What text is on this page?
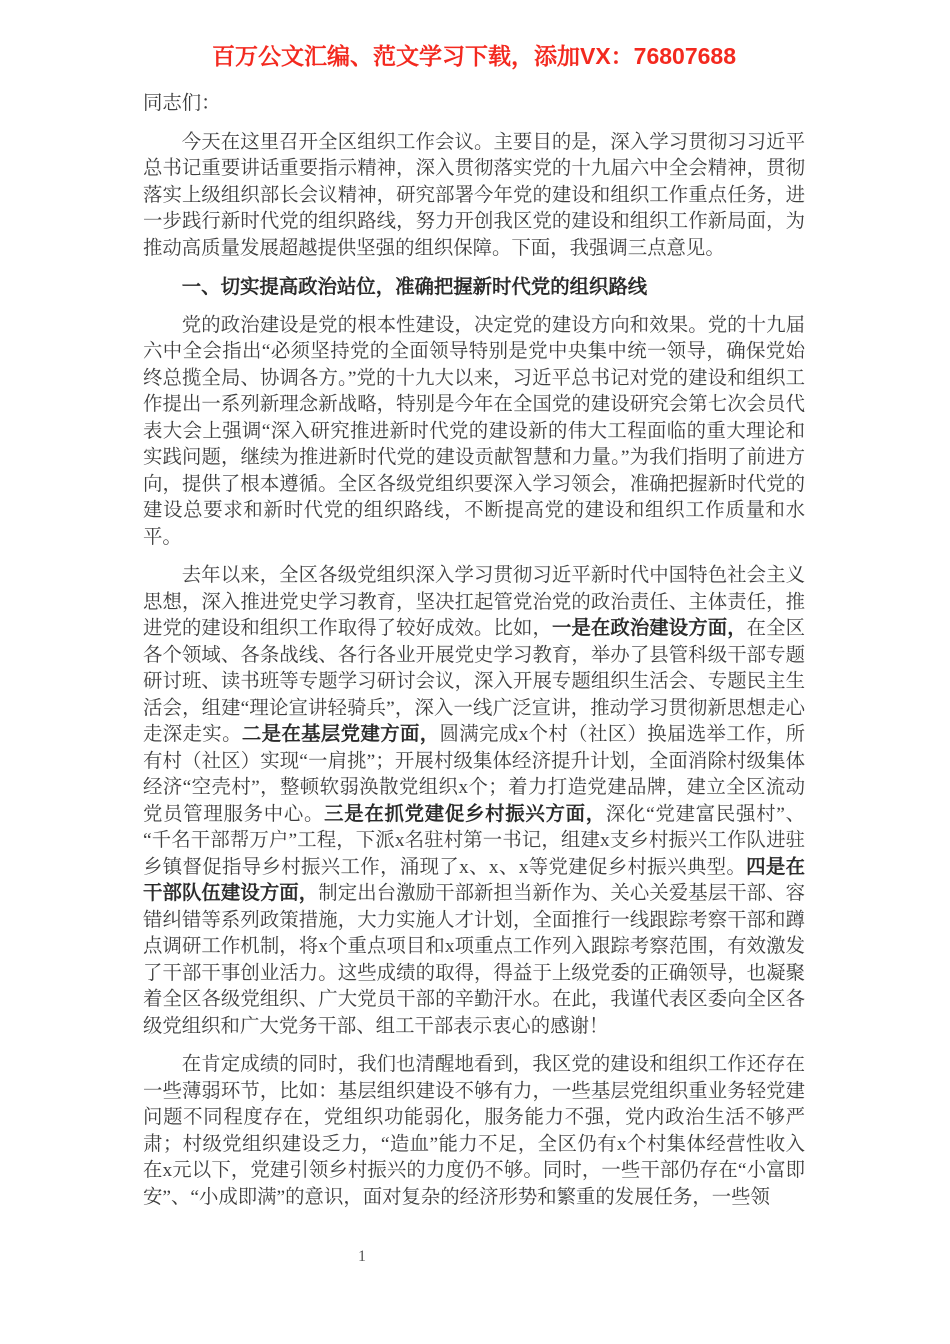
百万公文汇编、范文学习下载，添加VX：76807688
同志们：

今天在这里召开全区组织工作会议。主要目的是，深入学习贯彻习习近平总书记重要讲话重要指示精神，深入贯彻落实党的十九届六中全会精神，贯彻落实上级组织部长会议精神，研究部署今年党的建设和组织工作重点任务，进一步践行新时代党的组织路线，努力开创我区党的建设和组织工作新局面，为推动高质量发展超越提供坚强的组织保障。下面，我强调三点意见。

一、切实提高政治站位，准确把握新时代党的组织路线

党的政治建设是党的根本性建设，决定党的建设方向和效果。党的十九届六中全会指出“必须坚持党的全面领导特别是党中央集中统一领导，确保党始终总揽全局、协调各方。”党的十九大以来，习近平总书记对党的建设和组织工作提出一系列新理念新战略，特别是今年在全国党的建设研究会第七次会员代表大会上强调“深入研究推进新时代党的建设新的伟大工程面临的重大理论和实践问题，继续为推进新时代党的建设贡献智慧和力量。”为我们指明了前进方向，提供了根本遵循。全区各级党组织要深入学习领会，准确把握新时代党的建设总要求和新时代党的组织路线，不断提高党的建设和组织工作质量和水平。

去年以来，全区各级党组织深入学习贯彻习近平新时代中国特色社会主义思想，深入推进党史学习教育，坚决扛起管党治党的政治责任、主体责任，推进党的建设和组织工作取得了较好成效。比如，一是在政治建设方面，在全区各个领域、各条战线、各行各业开展党史学习教育，举办了县管科级干部专题研讨班、读书班等专题学习研讨会议，深入开展专题组织生活会、专题民主生活会，组建“理论宣讲轻骑兵”，深入一线广泛宣讲，推动学习贯彻新思想走心走深走实。二是在基层党建方面，圆满完成x个村（社区）换届选举工作，所有村（社区）实现“一肩挑”；开展村级集体经济提升计划，全面消除村级集体经济“空壳村”，整顿软弱涣散党组织x个；着力打造党建品牌，建立全区流动党员管理服务中心。三是在抓党建促乡村振兴方面，深化“党建富民强村”、“千名干部帮万户”工程，下派x名驻村第一书记，组建x支乡村振兴工作队进驻乡镇督促指导乡村振兴工作，涌现了x、x、x等党建促乡村振兴典型。四是在干部队伍建设方面，制定出台激励干部新担当新作为、关心关爱基层干部、容错纠错等系列政策措施，大力实施人才计划，全面推行一线跟踪考察干部和蹲点调研工作机制，将x个重点项目和x项重点工作列入跟踪考察范围，有效激发了干部干事创业活力。这些成绩的取得，得益于上级党委的正确领导，也凝聚着全区各级党组织、广大党员干部的辛勤汗水。在此，我谨代表区委向全区各级党组织和广大党务干部、组工干部表示衷心的感谢！

在肯定成绩的同时，我们也清醒地看到，我区党的建设和组织工作还存在一些薄弱环节，比如：基层组织建设不够有力，一些基层党组织重业务轻党建问题不同程度存在，党组织功能弱化，服务能力不强，党内政治生活不够严肃；村级党组织建设乏力，“造血”能力不足，全区仍有x个村集体经营性收入在x元以下，党建引领乡村振兴的力度仍不够。同时，一些干部仍存在“小富即安”、“小成即满”的意识，面对复杂的经济形势和繁重的发展任务，一些领

1
